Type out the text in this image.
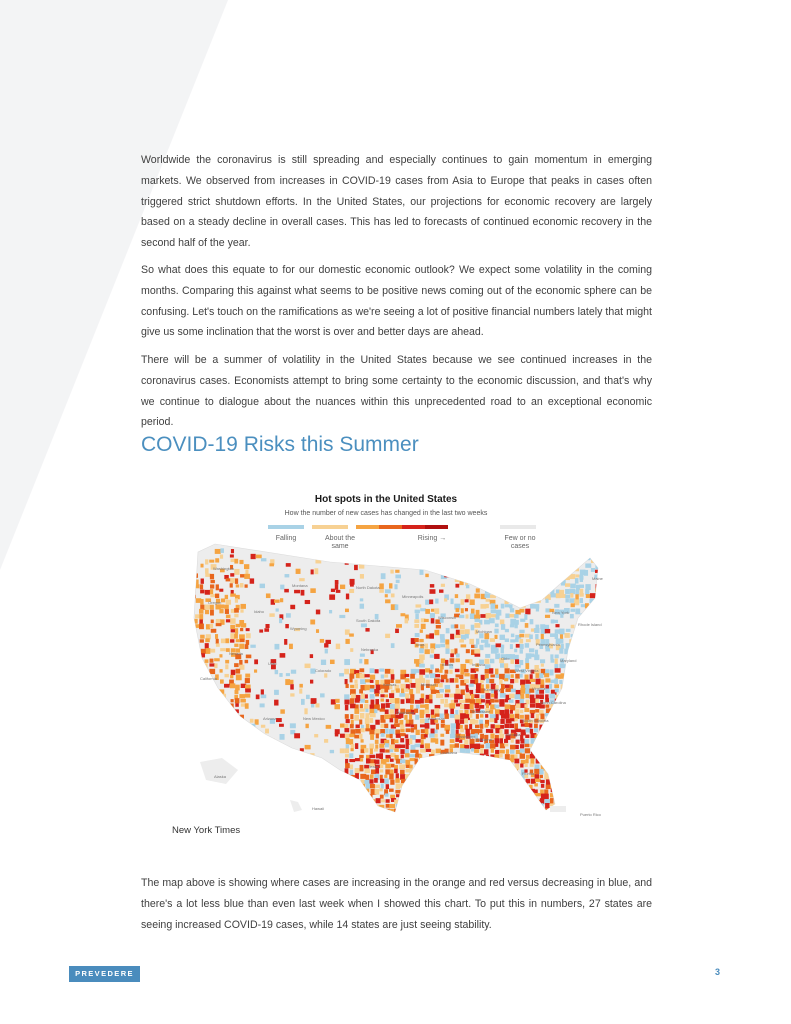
Worldwide the coronavirus is still spreading and especially continues to gain momentum in emerging markets. We observed from increases in COVID-19 cases from Asia to Europe that peaks in cases often triggered strict shutdown efforts. In the United States, our projections for economic recovery are largely based on a steady decline in overall cases. This has led to forecasts of continued economic recovery in the second half of the year.

So what does this equate to for our domestic economic outlook? We expect some volatility in the coming months. Comparing this against what seems to be positive news coming out of the economic sphere can be confusing. Let's touch on the ramifications as we're seeing a lot of positive financial numbers lately that might give us some inclination that the worst is over and better days are ahead.

There will be a summer of volatility in the United States because we see continued increases in the coronavirus cases. Economists attempt to bring some certainty to the economic discussion, and that's why we continue to dialogue about the nuances within this unprecedented road to an exceptional economic period.

COVID-19 Risks this Summer
Hot spots in the United States
How the number of new cases has changed in the last two weeks
Falling	About the same
Rising →	Few or no cases
Washington
Oregon
Idaho
Montana	North Dakota
Minneapolis
Wyoming
South Dakota
Nevada
Utah
Nebraska
Colorado
California
Arizona	New Mexico
Texas
Kansas	Missouri
Oklahoma
Arkansas
Louisiana
Mississippi
Alabama
Georgia
Florida
Tennessee
Kentucky
Illinois	Indiana
Ohio
Michigan
Wisconsin
Iowa
West Virginia
Virginia
North Carolina
South Carolina
Pennsylvania
New York
Rhode Island
Maine
Maryland
Alaska
Hawaii
Puerto Rico
New York Times

The map above is showing where cases are increasing in the orange and red versus decreasing in blue, and there's a lot less blue than even last week when I showed this chart. To put this in numbers, 27 states are seeing increased COVID-19 cases, while 14 states are just seeing stability.

PREVEDERE	3
